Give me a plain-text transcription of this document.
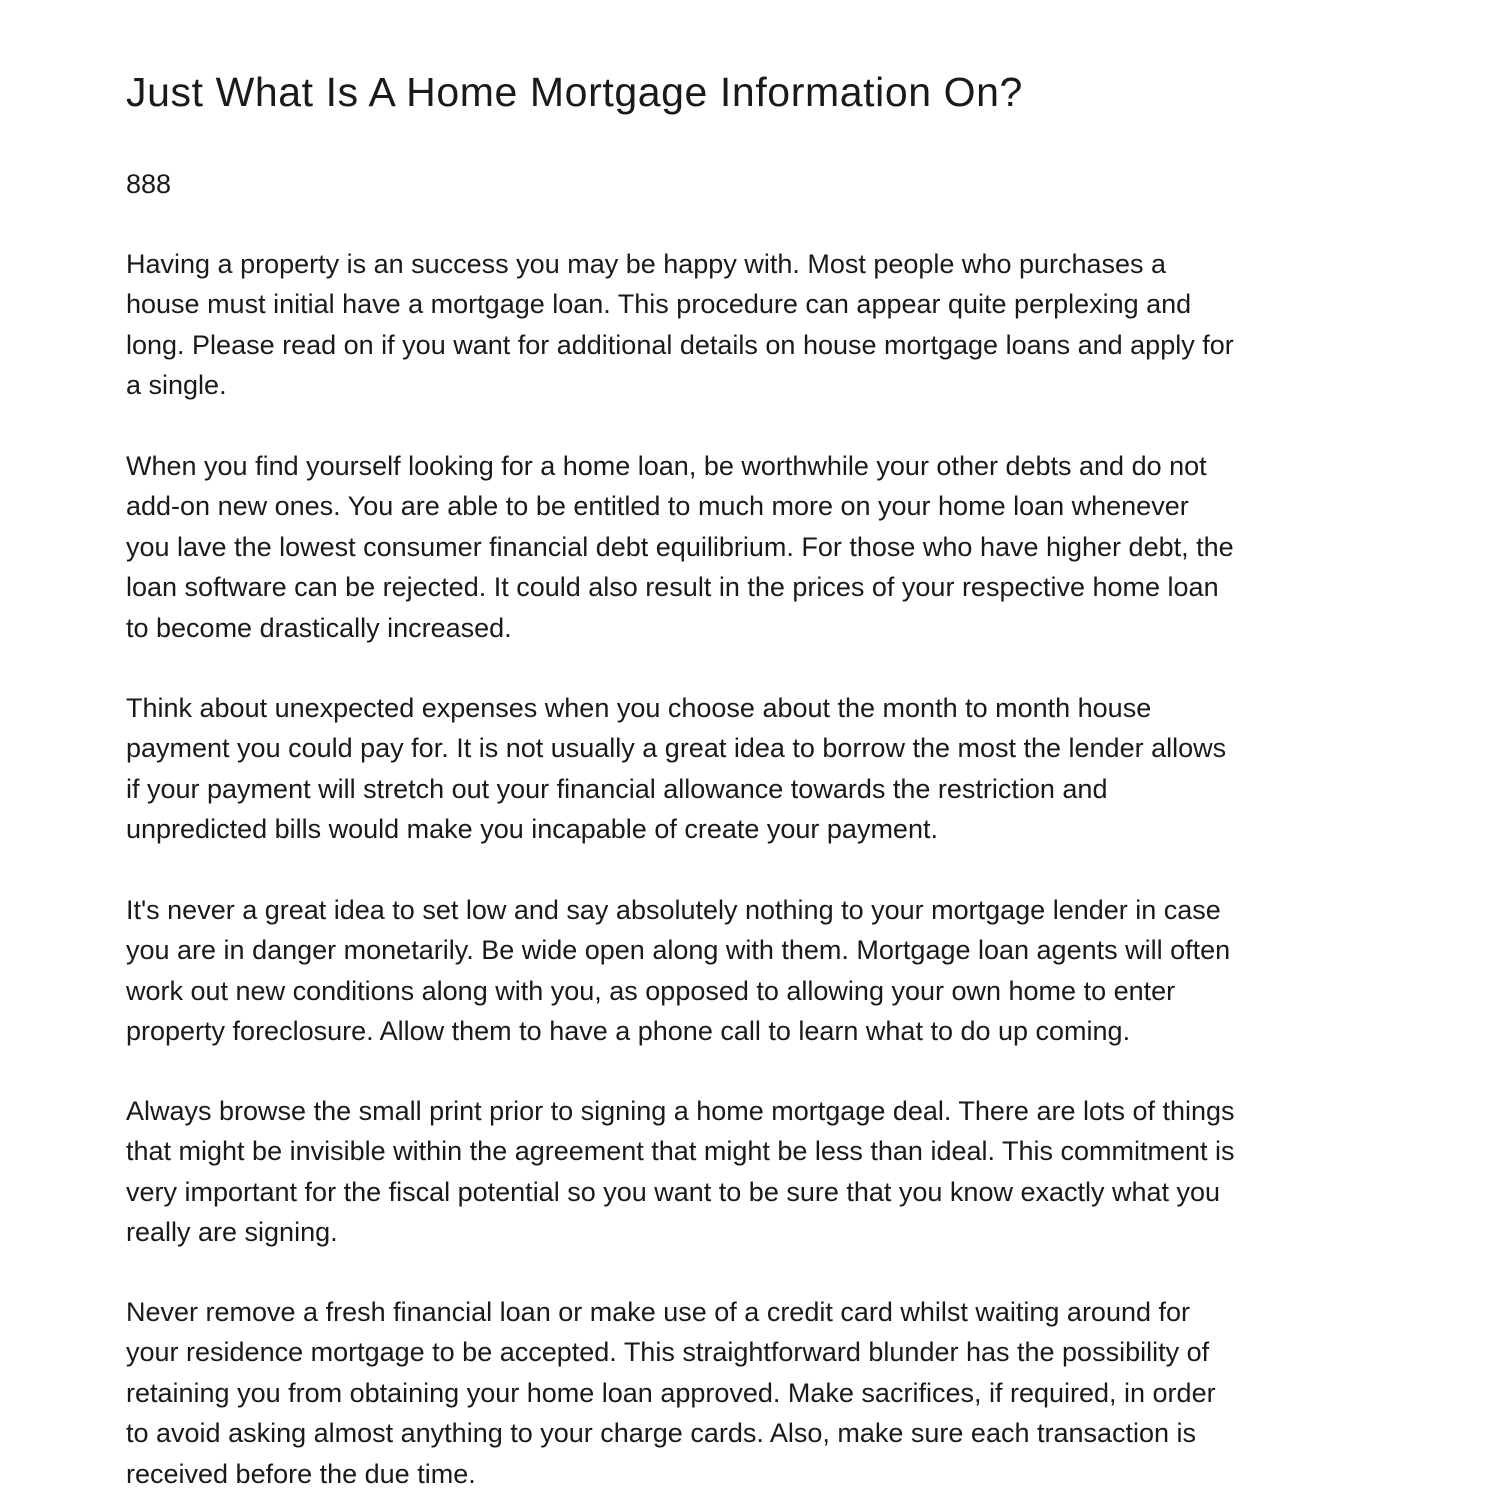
Just What Is A Home Mortgage Information On?

888

Having a property is an success you may be happy with. Most people who purchases a
house must initial have a mortgage loan. This procedure can appear quite perplexing and
long. Please read on if you want for additional details on house mortgage loans and apply for
a single.

When you find yourself looking for a home loan, be worthwhile your other debts and do not
add-on new ones. You are able to be entitled to much more on your home loan whenever
you lave the lowest consumer financial debt equilibrium. For those who have higher debt, the
loan software can be rejected. It could also result in the prices of your respective home loan
to become drastically increased.

Think about unexpected expenses when you choose about the month to month house
payment you could pay for. It is not usually a great idea to borrow the most the lender allows
if your payment will stretch out your financial allowance towards the restriction and
unpredicted bills would make you incapable of create your payment.

It's never a great idea to set low and say absolutely nothing to your mortgage lender in case
you are in danger monetarily. Be wide open along with them. Mortgage loan agents will often
work out new conditions along with you, as opposed to allowing your own home to enter
property foreclosure. Allow them to have a phone call to learn what to do up coming.

Always browse the small print prior to signing a home mortgage deal. There are lots of things
that might be invisible within the agreement that might be less than ideal. This commitment is
very important for the fiscal potential so you want to be sure that you know exactly what you
really are signing.

Never remove a fresh financial loan or make use of a credit card whilst waiting around for
your residence mortgage to be accepted. This straightforward blunder has the possibility of
retaining you from obtaining your home loan approved. Make sacrifices, if required, in order
to avoid asking almost anything to your charge cards. Also, make sure each transaction is
received before the due time.
